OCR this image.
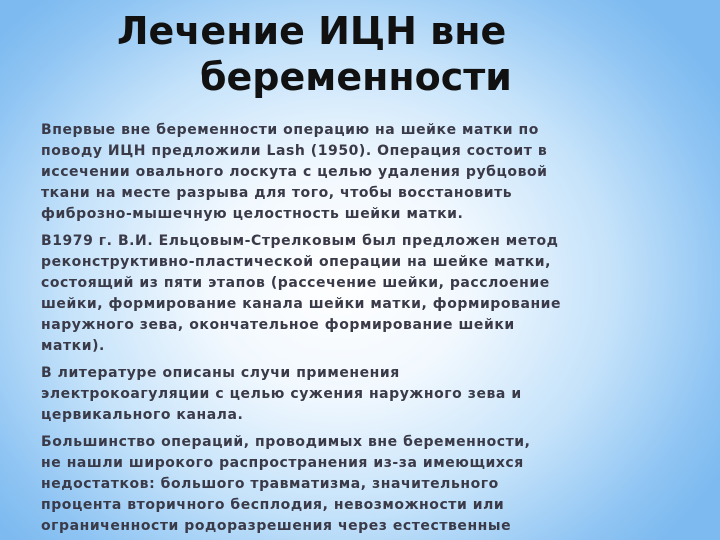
Лечение ИЦН вне
беременности

Впервые вне беременности операцию на шейке матки по
поводу ИЦН предложили Lash (1950). Операция состоит в
иссечении овального лоскута с целью удаления рубцовой
ткани на месте разрыва для того, чтобы восстановить
фиброзно-мышечную целостность шейки матки.

В1979 г. В.И. Ельцовым-Стрелковым был предложен метод
реконструктивно-пластической операции на шейке матки,
состоящий из пяти этапов (рассечение шейки, расслоение
шейки, формирование канала шейки матки, формирование
наружного зева, окончательное формирование шейки
матки).

В литературе описаны случи применения
электрокоагуляции с целью сужения наружного зева и
цервикального канала.

Большинство операций, проводимых вне беременности,
не нашли широкого распространения из-за имеющихся
недостатков: большого травматизма, значительного
процента вторичного бесплодия, невозможности или
ограниченности родоразрешения через естественные
